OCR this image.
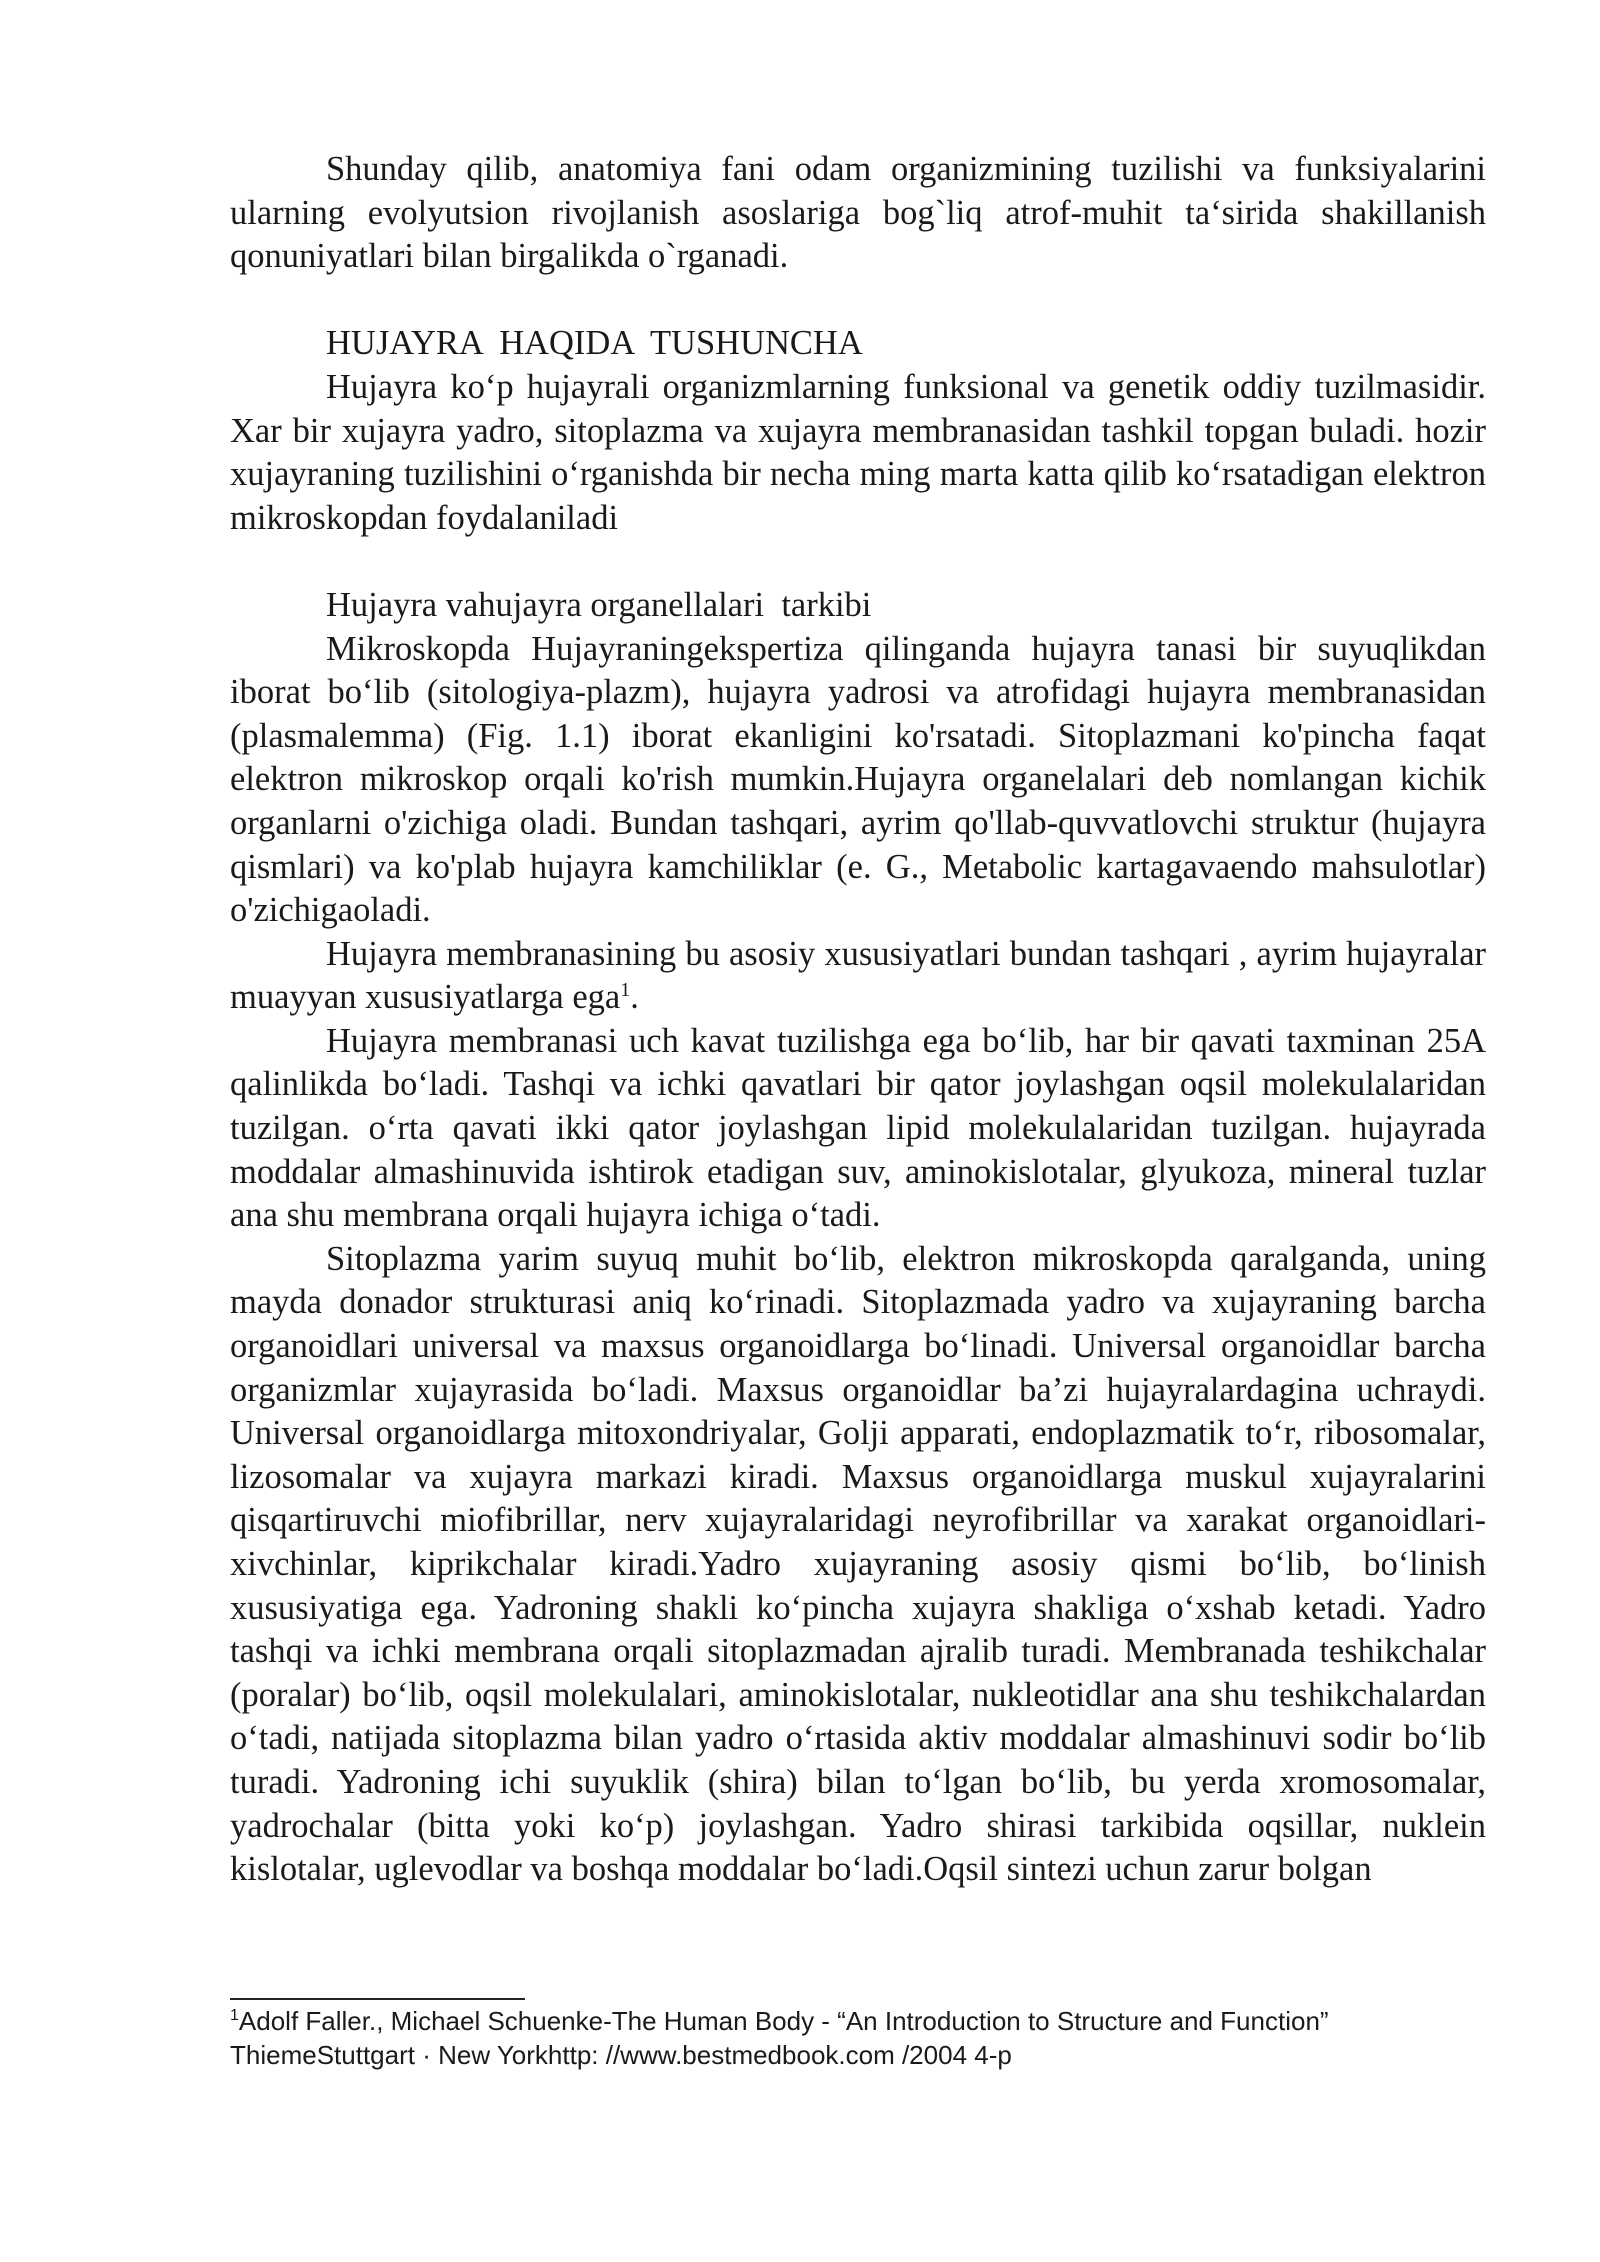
Shunday qilib, anatomiya fani odam organizmining tuzilishi va funksiyalarini ularning evolyutsion rivojlanish asoslariga bog`liq atrof-muhit ta‘sirida shakillanish qonuniyatlari bilan birgalikda o`rganadi.

HUJAYRA  HAQIDA  TUSHUNCHA

Hujayra ko‘p hujayrali organizmlarning funksional va genetik oddiy tuzilmasidir. Xar bir xujayra yadro, sitoplazma va xujayra membranasidan tashkil topgan buladi. hozir xujayraning tuzilishini o‘rganishda bir necha ming marta katta qilib ko‘rsatadigan elektron mikroskopdan foydalaniladi

Hujayra vahujayra organellalari  tarkibi

Mikroskopda Hujayraningekspertiza qilinganda hujayra tanasi bir suyuqlikdan iborat bo‘lib (sitologiya-plazm), hujayra yadrosi va atrofidagi hujayra membranasidan (plasmalemma) (Fig. 1.1) iborat ekanligini ko'rsatadi. Sitoplazmani ko'pincha faqat elektron mikroskop orqali ko'rish mumkin.Hujayra organelalari deb nomlangan kichik organlarni o'zichiga oladi. Bundan tashqari, ayrim qo'llab-quvvatlovchi struktur (hujayra qismlari) va ko'plab hujayra kamchiliklar (e. G., Metabolic kartagavaendo mahsulotlar) o'zichigaoladi.

Hujayra membranasining bu asosiy xususiyatlari bundan tashqari , ayrim hujayralar muayyan xususiyatlarga ega$^1$.

Hujayra membranasi uch kavat tuzilishga ega bo‘lib, har bir qavati taxminan 25A qalinlikda bo‘ladi. Tashqi va ichki qavatlari bir qator joylashgan oqsil molekulalaridan tuzilgan. o‘rta qavati ikki qator joylashgan lipid molekulalaridan tuzilgan. hujayrada moddalar almashinuvida ishtirok etadigan suv, aminokislotalar, glyukoza, mineral tuzlar ana shu membrana orqali hujayra ichiga o‘tadi.

Sitoplazma yarim suyuq muhit bo‘lib, elektron mikroskopda qaralganda, uning mayda donador strukturasi aniq ko‘rinadi. Sitoplazmada yadro va xujayraning barcha organoidlari universal va maxsus organoidlarga bo‘linadi. Universal organoidlar barcha organizmlar xujayrasida bo‘ladi. Maxsus organoidlar ba’zi hujayralardagina uchraydi. Universal organoidlarga mitoxondriyalar, Golji apparati, endoplazmatik to‘r, ribosomalar, lizosomalar va xujayra markazi kiradi. Maxsus organoidlarga muskul xujayralarini qisqartiruvchi miofibrillar, nerv xujayralaridagi neyrofibrillar va xarakat organoidlari- xivchinlar, kiprikchalar kiradi.Yadro xujayraning asosiy qismi bo‘lib, bo‘linish xususiyatiga ega. Yadroning shakli ko‘pincha xujayra shakliga o‘xshab ketadi. Yadro tashqi va ichki membrana orqali sitoplazmadan ajralib turadi. Membranada teshikchalar (poralar) bo‘lib, oqsil molekulalari, aminokislotalar, nukleotidlar ana shu teshikchalardan o‘tadi, natijada sitoplazma bilan yadro o‘rtasida aktiv moddalar almashinuvi sodir bo‘lib turadi. Yadroning ichi suyuklik (shira) bilan to‘lgan bo‘lib, bu yerda xromosomalar, yadrochalar (bitta yoki ko‘p) joylashgan. Yadro shirasi tarkibida oqsillar, nuklein kislotalar, uglevodlar va boshqa moddalar bo‘ladi.Oqsil sintezi uchun zarur bolgan

$^1$Adolf Faller., Michael Schuenke-The Human Body - “An Introduction to Structure and Function” ThiemeStuttgart · New Yorkhttp: //www.bestmedbook.com /2004 4-p
